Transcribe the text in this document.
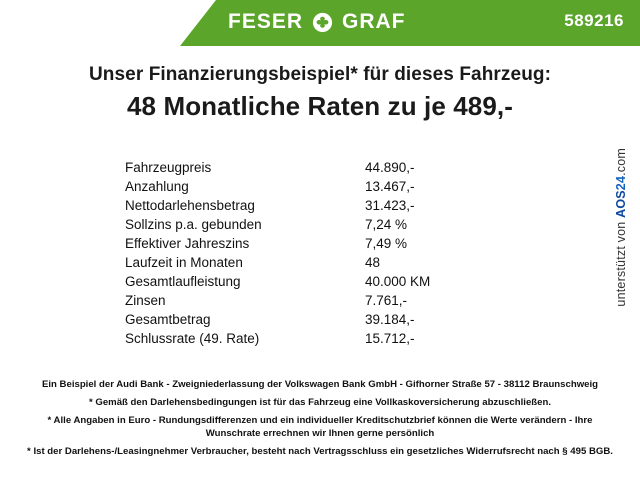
FESER GRAF	589216
Unser Finanzierungsbeispiel* für dieses Fahrzeug:
48 Monatliche Raten zu je 489,-
Fahrzeugpreis	44.890,-
Anzahlung	13.467,-
Nettodarlehensbetrag	31.423,-
Sollzins p.a. gebunden	7,24 %
Effektiver Jahreszins	7,49 %
Laufzeit in Monaten	48
Gesamtlaufleistung	40.000 KM
Zinsen	7.761,-
Gesamtbetrag	39.184,-
Schlussrate (49. Rate)	15.712,-

Ein Beispiel der Audi Bank - Zweigniederlassung der Volkswagen Bank GmbH - Gifhorner Straße 57 - 38112 Braunschweig

* Gemäß den Darlehensbedingungen ist für das Fahrzeug eine Vollkaskoversicherung abzuschließen.

* Alle Angaben in Euro - Rundungsdifferenzen und ein individueller Kreditschutzbrief können die Werte verändern - Ihre Wunschrate errechnen wir Ihnen gerne persönlich

* Ist der Darlehens-/Leasingnehmer Verbraucher, besteht nach Vertragsschluss ein gesetzliches Widerrufsrecht nach § 495 BGB.

unterstützt von AOS24.com
